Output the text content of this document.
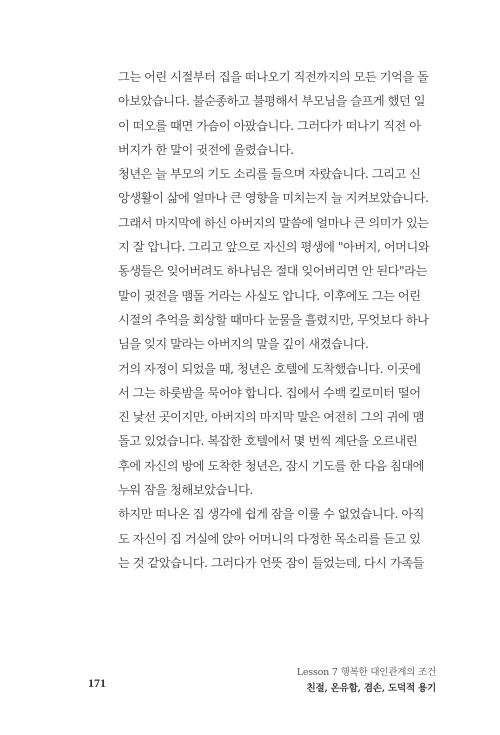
그는 어린 시절부터 집을 떠나오기 직전까지의 모든 기억을 돌
아보았습니다. 불순종하고 불평해서 부모님을 슬프게 했던 일
이 떠오를 때면 가슴이 아팠습니다. 그러다가 떠나기 직전 아
버지가 한 말이 귓전에 울렸습니다.
청년은 늘 부모의 기도 소리를 들으며 자랐습니다. 그리고 신
앙생활이 삶에 얼마나 큰 영향을 미치는지 늘 지켜보았습니다.
그래서 마지막에 하신 아버지의 말씀에 얼마나 큰 의미가 있는
지 잘 압니다. 그리고 앞으로 자신의 평생에 "아버지, 어머니와
동생들은 잊어버려도 하나님은 절대 잊어버리면 안 된다"라는
말이 귓전을 맴돌 거라는 사실도 압니다. 이후에도 그는 어린
시절의 추억을 회상할 때마다 눈물을 흘렸지만, 무엇보다 하나
님을 잊지 말라는 아버지의 말을 깊이 새겼습니다.
거의 자정이 되었을 때, 청년은 호텔에 도착했습니다. 이곳에
서 그는 하룻밤을 묵어야 합니다. 집에서 수백 킬로미터 떨어
진 낯선 곳이지만, 아버지의 마지막 말은 여전히 그의 귀에 맴
돌고 있었습니다. 복잡한 호텔에서 몇 번씩 계단을 오르내린
후에 자신의 방에 도착한 청년은, 잠시 기도를 한 다음 침대에
누워 잠을 청해보았습니다.
하지만 떠나온 집 생각에 쉽게 잠을 이룰 수 없었습니다. 아직
도 자신이 집 거실에 앉아 어머니의 다정한 목소리를 듣고 있
는 것 같았습니다. 그러다가 언뜻 잠이 들었는데, 다시 가족들
171
Lesson 7 행복한 대인관계의 조건
친절, 온유함, 겸손, 도덕적 용기
